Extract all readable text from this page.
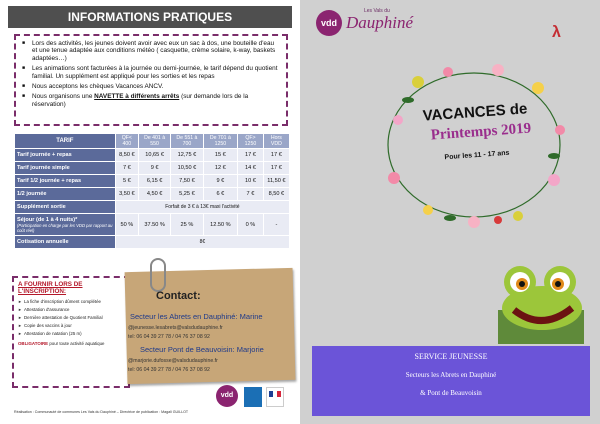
INFORMATIONS PRATIQUES
■ Lors des activités, les jeunes doivent avoir avec eux un sac à dos, une bouteille d'eau et une tenue adaptée aux conditions météo ( casquette, crème solaire, k-way, baskets adaptées…)
■ Les animations sont facturées à la journée ou demi-journée, le tarif dépend du quotient familial. Un supplément est appliqué pour les sorties et les repas
■ Nous acceptons les chèques Vacances ANCV.
■ Nous organisons une NAVETTE à différents arrêts (sur demande lors de la réservation)
TARIF	QF< 400	De 401 à 550	De 551 à 700	De 701 à 1250	QF> 1250	Hors VDD
Tarif journée + repas	8,50 €	10,65 €	12,75 €	15 €	17 €	17 €
Tarif journée simple	7 €	9 €	10,50 €	12 €	14 €	17 €
Tarif 1/2 journée + repas	5 €	6,15 €	7,50 €	9 €	10 €	11,50 €
1/2 journée	3,50 €	4,50 €	5,25 €	6 €	7 €	8,50 €
Supplément sortie	Forfait de 3 € à 13€ maxi l'activité					
Séjour (de 1 à 4 nuits)*
(Participation en charge par les VDD par rapport au coût réel)	50 %	37.50 %	25 %	12.50 %	0 %	-
Cotisation annuelle	8€					
A FOURNIR LORS DE L'INSCRIPTION:
► La fiche d'inscription dûment complétée
► Attestation d'assurance
► Dernière attestation de Quotient Familial
► Copie des vaccins à jour
► Attestation de natation (25 m)
OBLIGATOIRE pour toute activité aquatique
Contact:
Secteur les Abrets en Dauphiné: Marine
@jeunesse.lesabrets@valsdudauphine.fr
tel: 06 04 39 27 78 / 04 76 37 08 92
Secteur Pont de Beauvoisin: Marjorie
@marjorie.dufosse@valsdudauphine.fr
tel: 06 04 39 27 78 / 04 76 37 08 92
vdd
Réalisation : Communauté de communes Les Vals du Dauphiné – Directrice de publication : Magali GUILLOT
vdd
Les Vals du
Dauphiné
λ
VACANCES de
Printemps 2019
Pour les 11 - 17 ans
SERVICE JEUNESSE
Secteurs les Abrets en Dauphiné
& Pont de Beauvoisin
